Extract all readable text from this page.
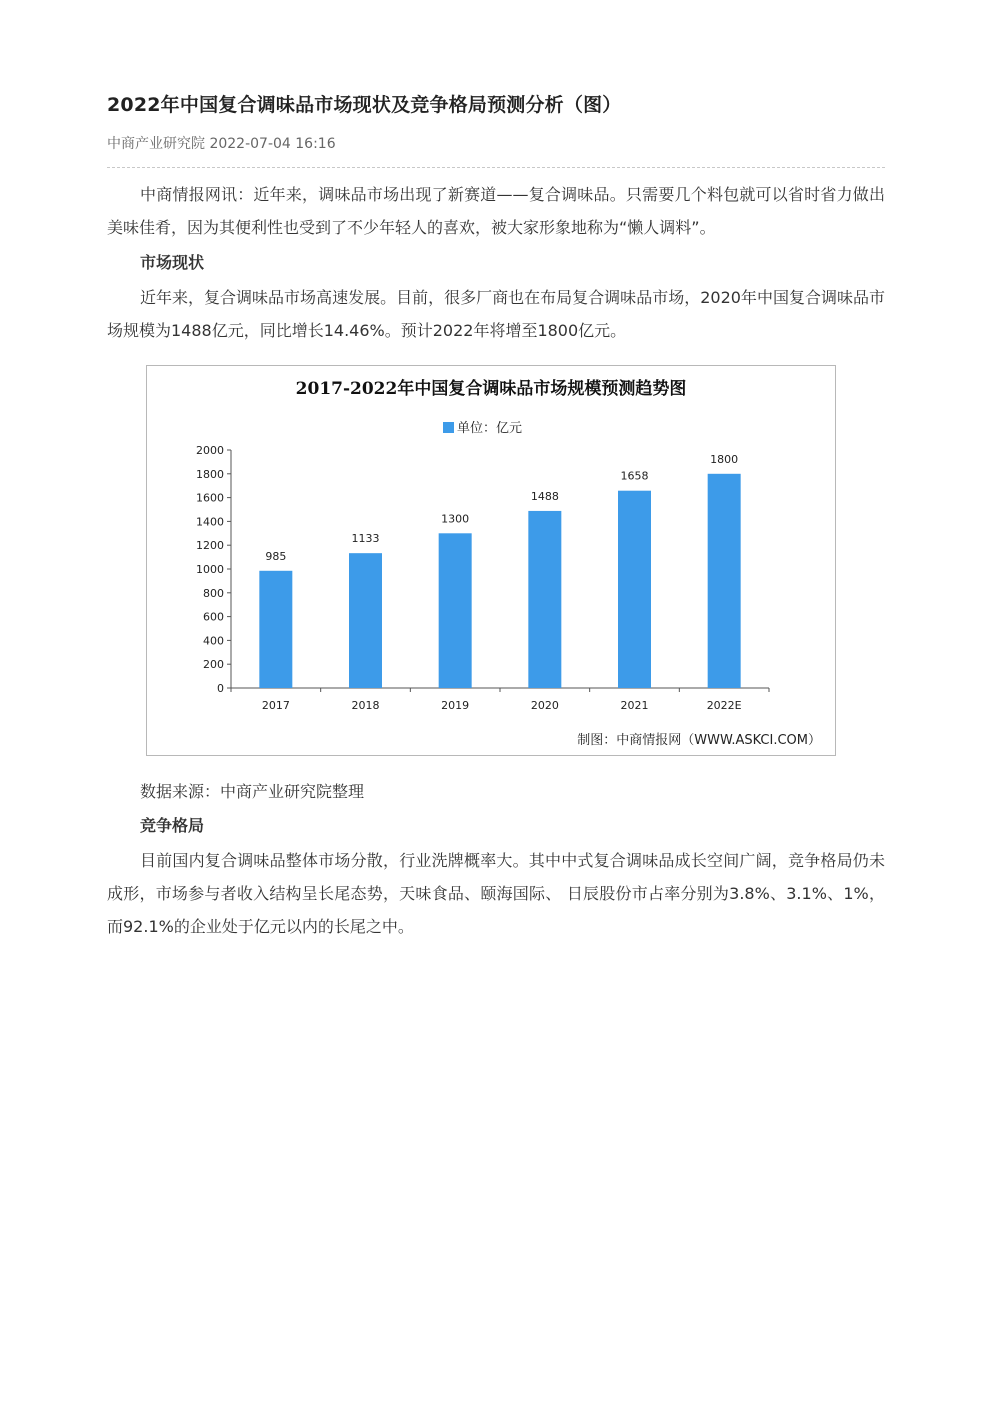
2022年中国复合调味品市场现状及竞争格局预测分析（图）
中商产业研究院 2022-07-04 16:16

中商情报网讯：近年来，调味品市场出现了新赛道——复合调味品。只需要几个料包就可以省时省力做出美味佳肴，因为其便利性也受到了不少年轻人的喜欢，被大家形象地称为“懒人调料”。

市场现状

近年来，复合调味品市场高速发展。目前，很多厂商也在布局复合调味品市场，2020年中国复合调味品市场规模为1488亿元，同比增长14.46%。预计2022年将增至1800亿元。

2017-2022年中国复合调味品市场规模预测趋势图
单位：亿元
0
200
400
600
800
1000
1200
1400
1600
1800
2000
2017	2018	2019	2020	2021	2022E
985
1133
1300
1488
1658
1800
制图：中商情报网（WWW.ASKCI.COM）
数据来源：中商产业研究院整理
竞争格局

目前国内复合调味品整体市场分散，行业洗牌概率大。其中中式复合调味品成长空间广阔，竞争格局仍未成形，市场参与者收入结构呈长尾态势，天味食品、颐海国际、 日辰股份市占率分别为3.8%、3.1%、1%，而92.1%的企业处于亿元以内的长尾之中。
